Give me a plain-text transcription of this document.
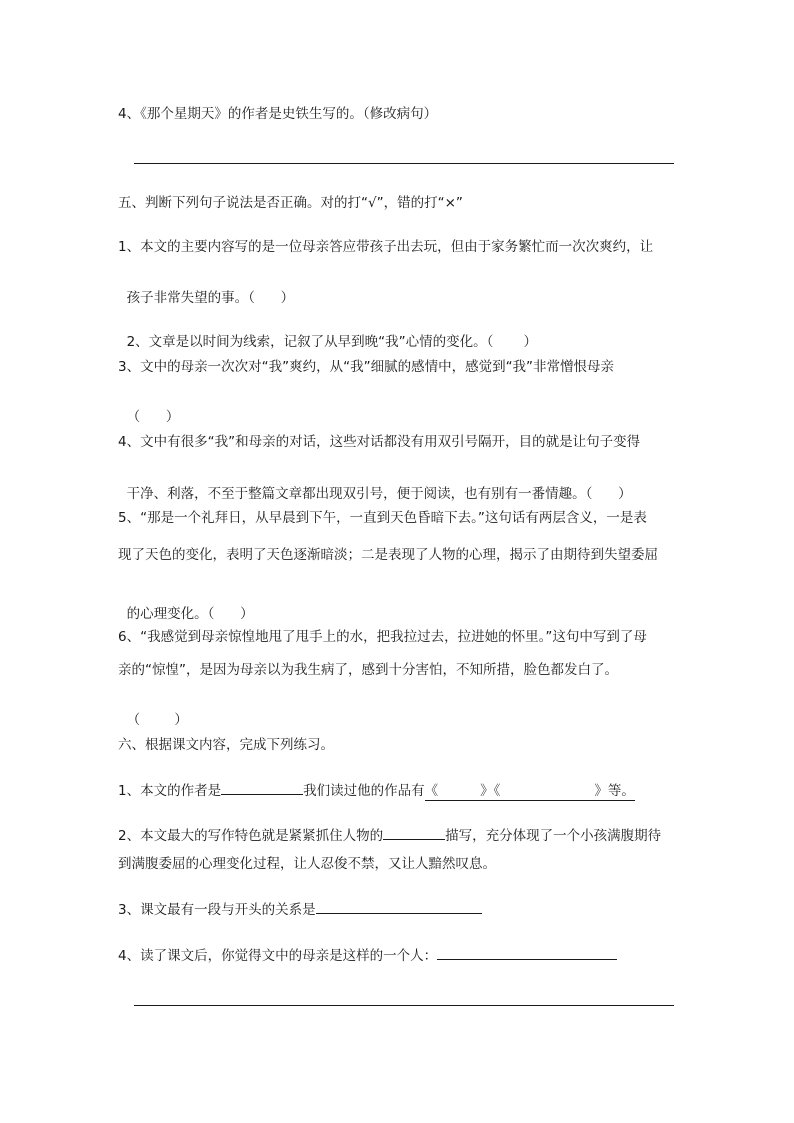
4、《那个星期天》的作者是史铁生写的。（修改病句）
五、判断下列句子说法是否正确。对的打“√”，错的打“×”
1、本文的主要内容写的是一位母亲答应带孩子出去玩，但由于家务繁忙而一次次爽约，让

孩子非常失望的事。（      ）

2、文章是以时间为线索，记叙了从早到晚“我”心情的变化。（       ）

3、文中的母亲一次次对“我”爽约，从“我”细腻的感情中，感觉到“我”非常憎恨母亲

（      ）

4、文中有很多“我”和母亲的对话，这些对话都没有用双引号隔开，目的就是让句子变得

干净、利落，不至于整篇文章都出现双引号，便于阅读，也有别有一番情趣。（      ）

5、“那是一个礼拜日，从早晨到下午，一直到天色昏暗下去。”这句话有两层含义，一是表
现了天色的变化，表明了天色逐渐暗淡；二是表现了人物的心理，揭示了由期待到失望委屈

的心理变化。（      ）

6、“我感觉到母亲惊惶地甩了甩手上的水，把我拉过去，拉进她的怀里。”这句中写到了母
亲的“惊惶”，是因为母亲以为我生病了，感到十分害怕，不知所措，脸色都发白了。

（        ）

六、根据课文内容，完成下列练习。
1、本文的作者是	我们读过他的作品有《	》《	》等。
2、本文最大的写作特色就是紧紧抓住人物的	描写，充分体现了一个小孩满腹期待
到满腹委屈的心理变化过程，让人忍俊不禁，又让人黯然叹息。
3、课文最有一段与开头的关系是
4、读了课文后，你觉得文中的母亲是这样的一个人：
